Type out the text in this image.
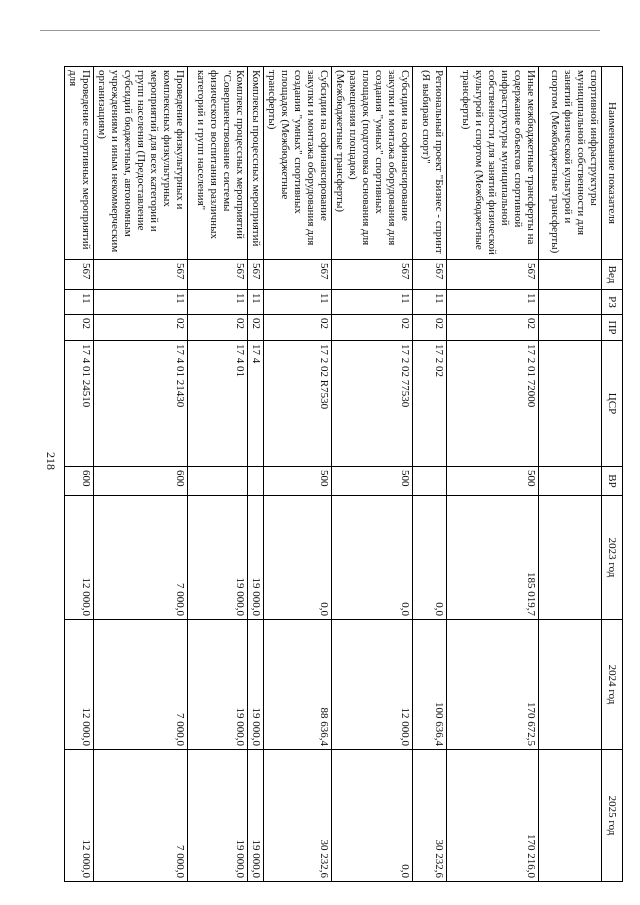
218
Наименование показателя	Вед	РЗ	ПР	ЦСР	ВР	2023 год	2024 год	2025 год
спортивной инфраструктуры муниципальной собственности для занятий физической культурой и спортом (Межбюджетные трансферты)								
Иные межбюджетные трансферты на содержание объектов спортивной инфраструктуры муниципальной собственности для занятий физической культурой и спортом (Межбюджетные трансферты)	567	11	02	17 2 01 72000	500	185 019,7	170 672,5	170 216,0
Региональный проект "Бизнес - спринт (Я выбираю спорт)"	567	11	02	17 2 02		0,0	100 636,4	30 232,6
Субсидии на софинансирование закупки и монтажа оборудования для создания "умных" спортивных площадок (подготовка основания для размещения площадок) (Межбюджетные трансферты)	567	11	02	17 2 02 77530	500	0,0	12 000,0	0,0
Субсидии на софинансирование закупки и монтажа оборудования для создания "умных" спортивных площадок (Межбюджетные трансферты)	567	11	02	17 2 02 R7530	500	0,0	88 636,4	30 232,6
Комплексы процессных мероприятий	567	11	02	17 4		19 000,0	19 000,0	19 000,0
Комплекс процессных мероприятий "Совершенствование системы физического воспитания различных категорий и групп населения"	567	11	02	17 4 01		19 000,0	19 000,0	19 000,0
Проведение физкультурных и комплексных физкультурных мероприятий для всех категорий и групп населения (Предоставление субсидий бюджетным, автономным учреждениям и иным некоммерческим организациям)	567	11	02	17 4 01 21430	600	7 000,0	7 000,0	7 000,0
Проведение спортивных мероприятий для	567	11	02	17 4 01 24510	600	12 000,0	12 000,0	12 000,0
